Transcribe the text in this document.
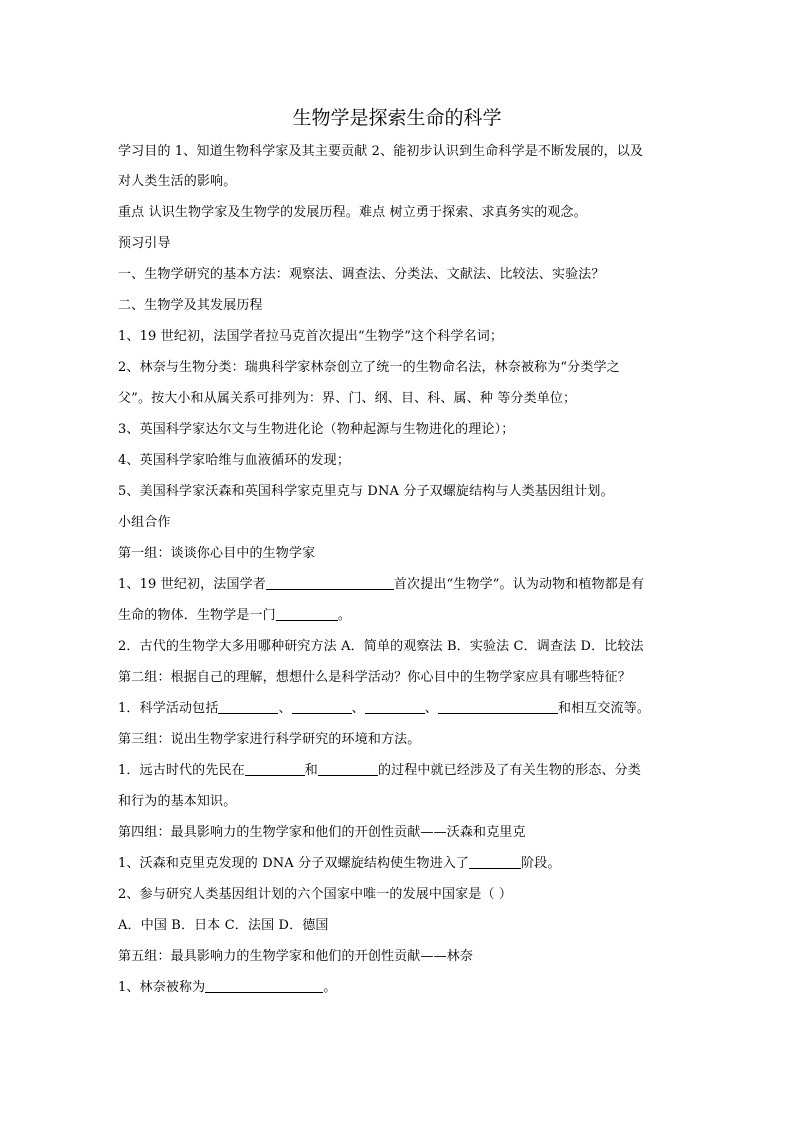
生物学是探索生命的科学
学习目的 1、知道生物科学家及其主要贡献 2、能初步认识到生命科学是不断发展的，以及
对人类生活的影响。
重点 认识生物学家及生物学的发展历程。难点 树立勇于探索、求真务实的观念。
预习引导
一、生物学研究的基本方法：观察法、调查法、分类法、文献法、比较法、实验法？
二、生物学及其发展历程
1、19 世纪初，法国学者拉马克首次提出“生物学”这个科学名词；
2、林奈与生物分类：瑞典科学家林奈创立了统一的生物命名法，林奈被称为“分类学之
父”。按大小和从属关系可排列为：界、门、纲、目、科、属、种 等分类单位；
3、英国科学家达尔文与生物进化论（物种起源与生物进化的理论）；
4、英国科学家哈维与血液循环的发现；
5、美国科学家沃森和英国科学家克里克与 DNA 分子双螺旋结构与人类基因组计划。
小组合作
第一组：谈谈你心目中的生物学家
1、19 世纪初，法国学者	首次提出“生物学”。认为动物和植物都是有
生命的物体．生物学是一门	。
2．古代的生物学大多用哪种研究方法 A．简单的观察法 B．实验法 C．调查法 D．比较法
第二组：根据自己的理解，想想什么是科学活动？你心目中的生物学家应具有哪些特征？
1．科学活动包括	、	、	、	和相互交流等。
第三组：说出生物学家进行科学研究的环境和方法。
1．远古时代的先民在	和	的过程中就已经涉及了有关生物的形态、分类
和行为的基本知识。
第四组：最具影响力的生物学家和他们的开创性贡献——沃森和克里克
1、沃森和克里克发现的 DNA 分子双螺旋结构使生物进入了	阶段。
2、参与研究人类基因组计划的六个国家中唯一的发展中国家是（ ）
A．中国 B．日本 C．法国 D．德国
第五组：最具影响力的生物学家和他们的开创性贡献——林奈
1、林奈被称为	。
